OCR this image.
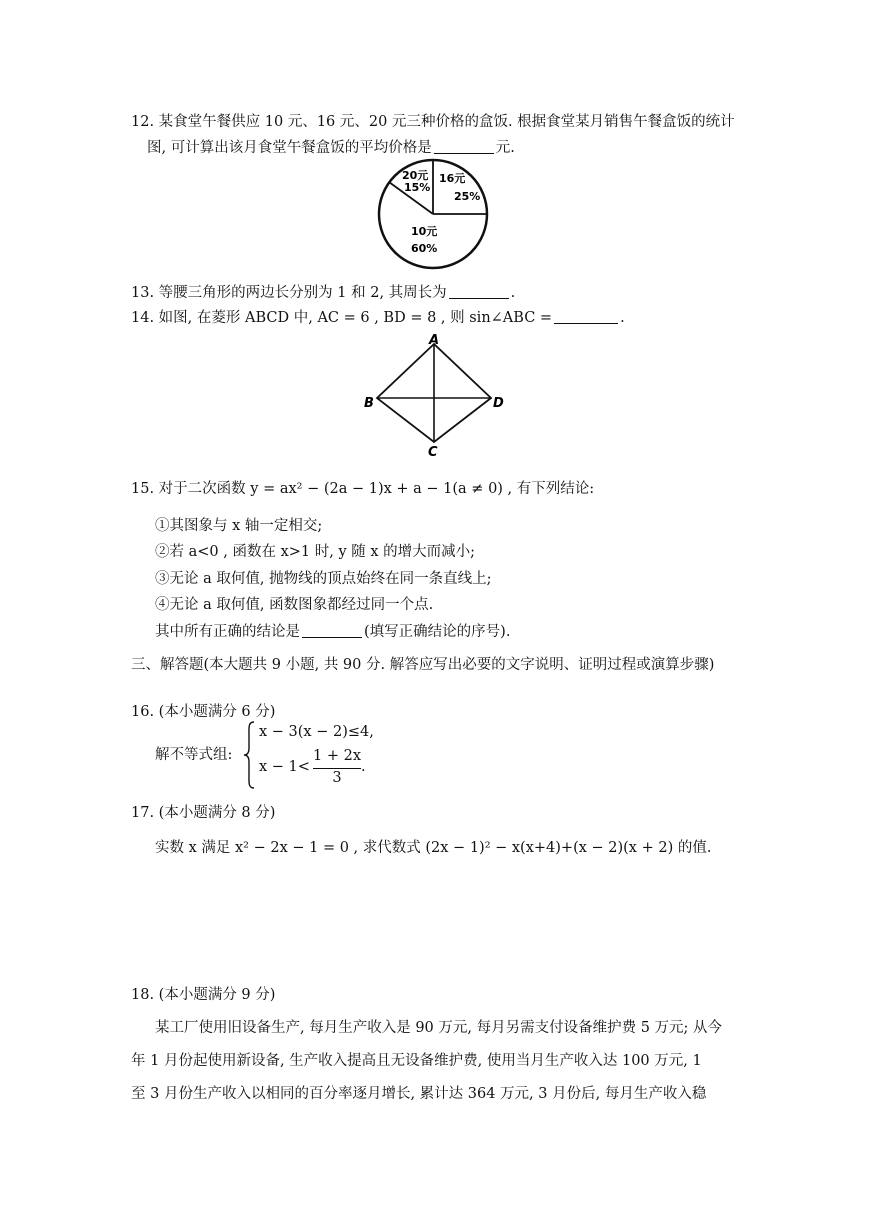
12. 某食堂午餐供应 10 元、16 元、20 元三种价格的盒饭. 根据食堂某月销售午餐盒饭的统计
图, 可计算出该月食堂午餐盒饭的平均价格是	元.
20元
15%
16元
25%
10元
60%
13. 等腰三角形的两边长分别为 1 和 2, 其周长为	.
14. 如图, 在菱形 ABCD 中, AC = 6 , BD = 8 , 则 sin∠ABC =	.
A
B
C
D
15. 对于二次函数 y = ax² − (2a − 1)x + a − 1(a ≠ 0) , 有下列结论:
①其图象与 x 轴一定相交;
②若 a<0 , 函数在 x>1 时, y 随 x 的增大而减小;
③无论 a 取何值, 抛物线的顶点始终在同一条直线上;
④无论 a 取何值, 函数图象都经过同一个点.
其中所有正确的结论是	(填写正确结论的序号).
三、解答题(本大题共 9 小题, 共 90 分. 解答应写出必要的文字说明、证明过程或演算步骤)
16. (本小题满分 6 分)
解不等式组:
x − 3(x − 2)≤4,
x − 1<
1 + 2x
3
.
17. (本小题满分 8 分)
实数 x 满足 x² − 2x − 1 = 0 , 求代数式 (2x − 1)² − x(x+4)+(x − 2)(x + 2) 的值.
18. (本小题满分 9 分)
某工厂使用旧设备生产, 每月生产收入是 90 万元, 每月另需支付设备维护费 5 万元; 从今
年 1 月份起使用新设备, 生产收入提高且无设备维护费, 使用当月生产收入达 100 万元, 1
至 3 月份生产收入以相同的百分率逐月增长, 累计达 364 万元, 3 月份后, 每月生产收入稳
